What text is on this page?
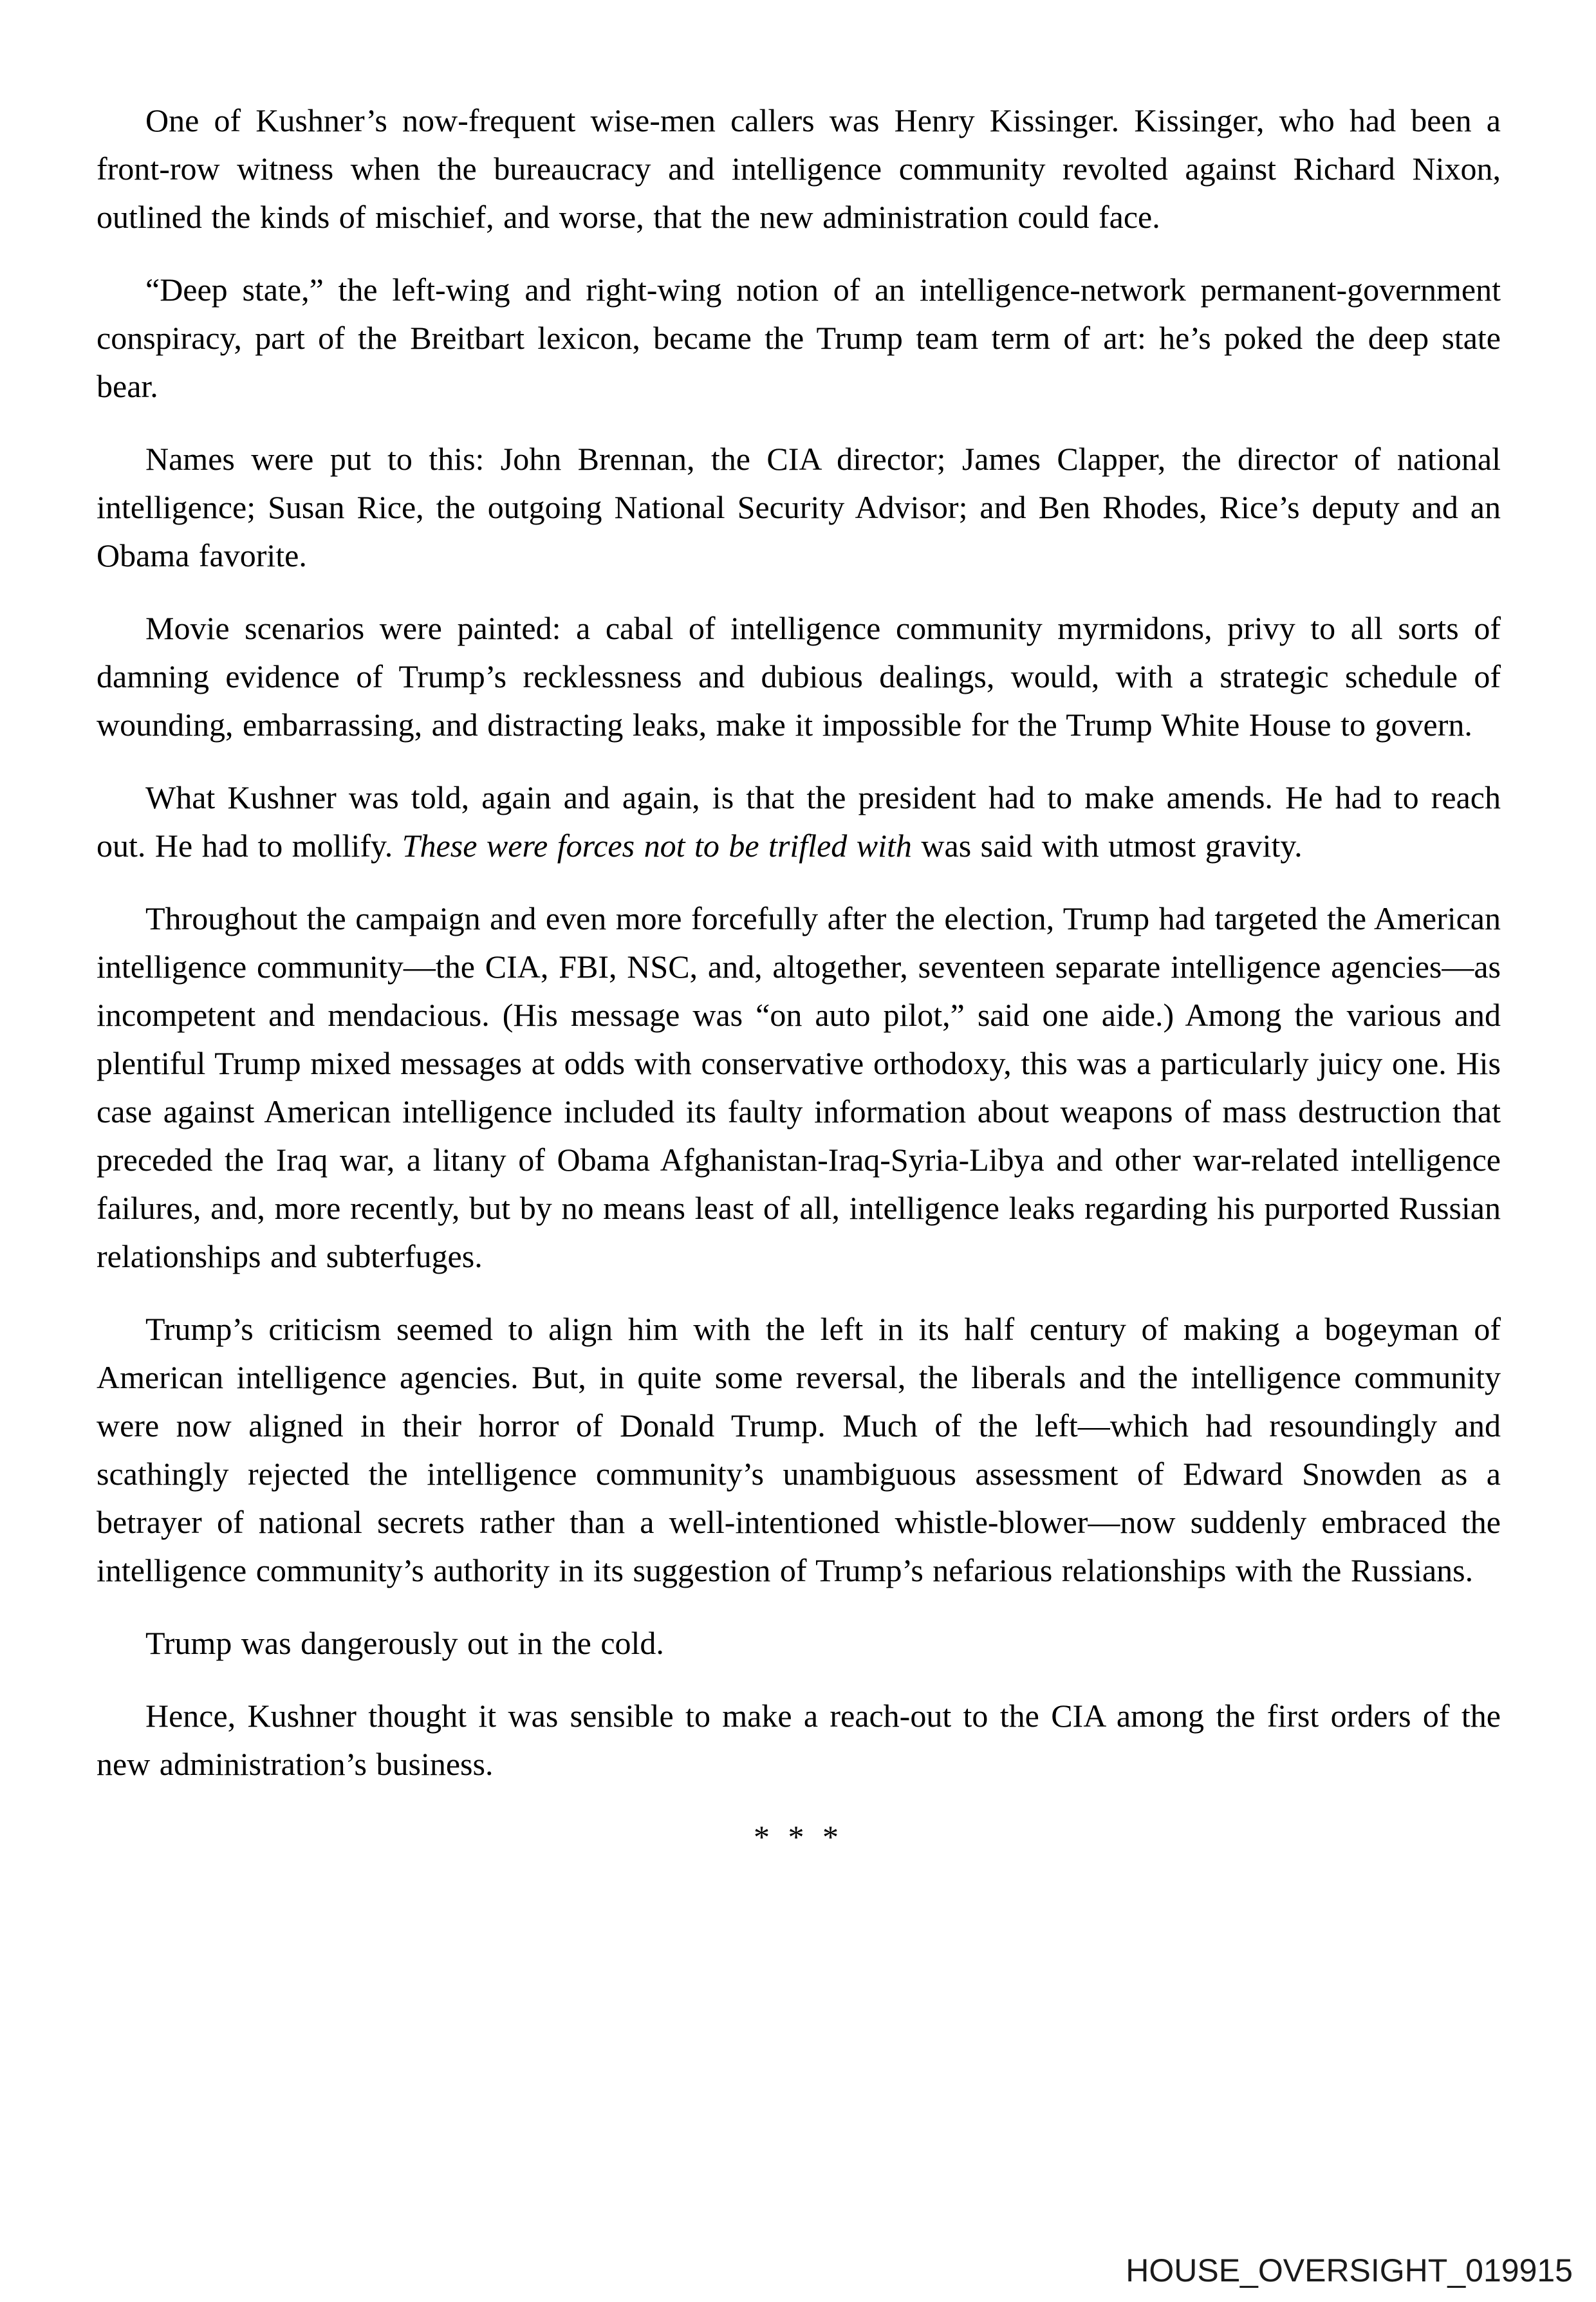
One of Kushner’s now-frequent wise-men callers was Henry Kissinger. Kissinger, who had been a front-row witness when the bureaucracy and intelligence community revolted against Richard Nixon, outlined the kinds of mischief, and worse, that the new administration could face.

“Deep state,” the left-wing and right-wing notion of an intelligence-network permanent-government conspiracy, part of the Breitbart lexicon, became the Trump team term of art: he’s poked the deep state bear.

Names were put to this: John Brennan, the CIA director; James Clapper, the director of national intelligence; Susan Rice, the outgoing National Security Advisor; and Ben Rhodes, Rice’s deputy and an Obama favorite.

Movie scenarios were painted: a cabal of intelligence community myrmidons, privy to all sorts of damning evidence of Trump’s recklessness and dubious dealings, would, with a strategic schedule of wounding, embarrassing, and distracting leaks, make it impossible for the Trump White House to govern.

What Kushner was told, again and again, is that the president had to make amends. He had to reach out. He had to mollify. These were forces not to be trifled with was said with utmost gravity.

Throughout the campaign and even more forcefully after the election, Trump had targeted the American intelligence community—the CIA, FBI, NSC, and, altogether, seventeen separate intelligence agencies—as incompetent and mendacious. (His message was “on auto pilot,” said one aide.) Among the various and plentiful Trump mixed messages at odds with conservative orthodoxy, this was a particularly juicy one. His case against American intelligence included its faulty information about weapons of mass destruction that preceded the Iraq war, a litany of Obama Afghanistan-Iraq-Syria-Libya and other war-related intelligence failures, and, more recently, but by no means least of all, intelligence leaks regarding his purported Russian relationships and subterfuges.

Trump’s criticism seemed to align him with the left in its half century of making a bogeyman of American intelligence agencies. But, in quite some reversal, the liberals and the intelligence community were now aligned in their horror of Donald Trump. Much of the left—which had resoundingly and scathingly rejected the intelligence community’s unambiguous assessment of Edward Snowden as a betrayer of national secrets rather than a well-intentioned whistle-blower—now suddenly embraced the intelligence community’s authority in its suggestion of Trump’s nefarious relationships with the Russians.

Trump was dangerously out in the cold.

Hence, Kushner thought it was sensible to make a reach-out to the CIA among the first orders of the new administration’s business.

* * *
HOUSE_OVERSIGHT_019915
